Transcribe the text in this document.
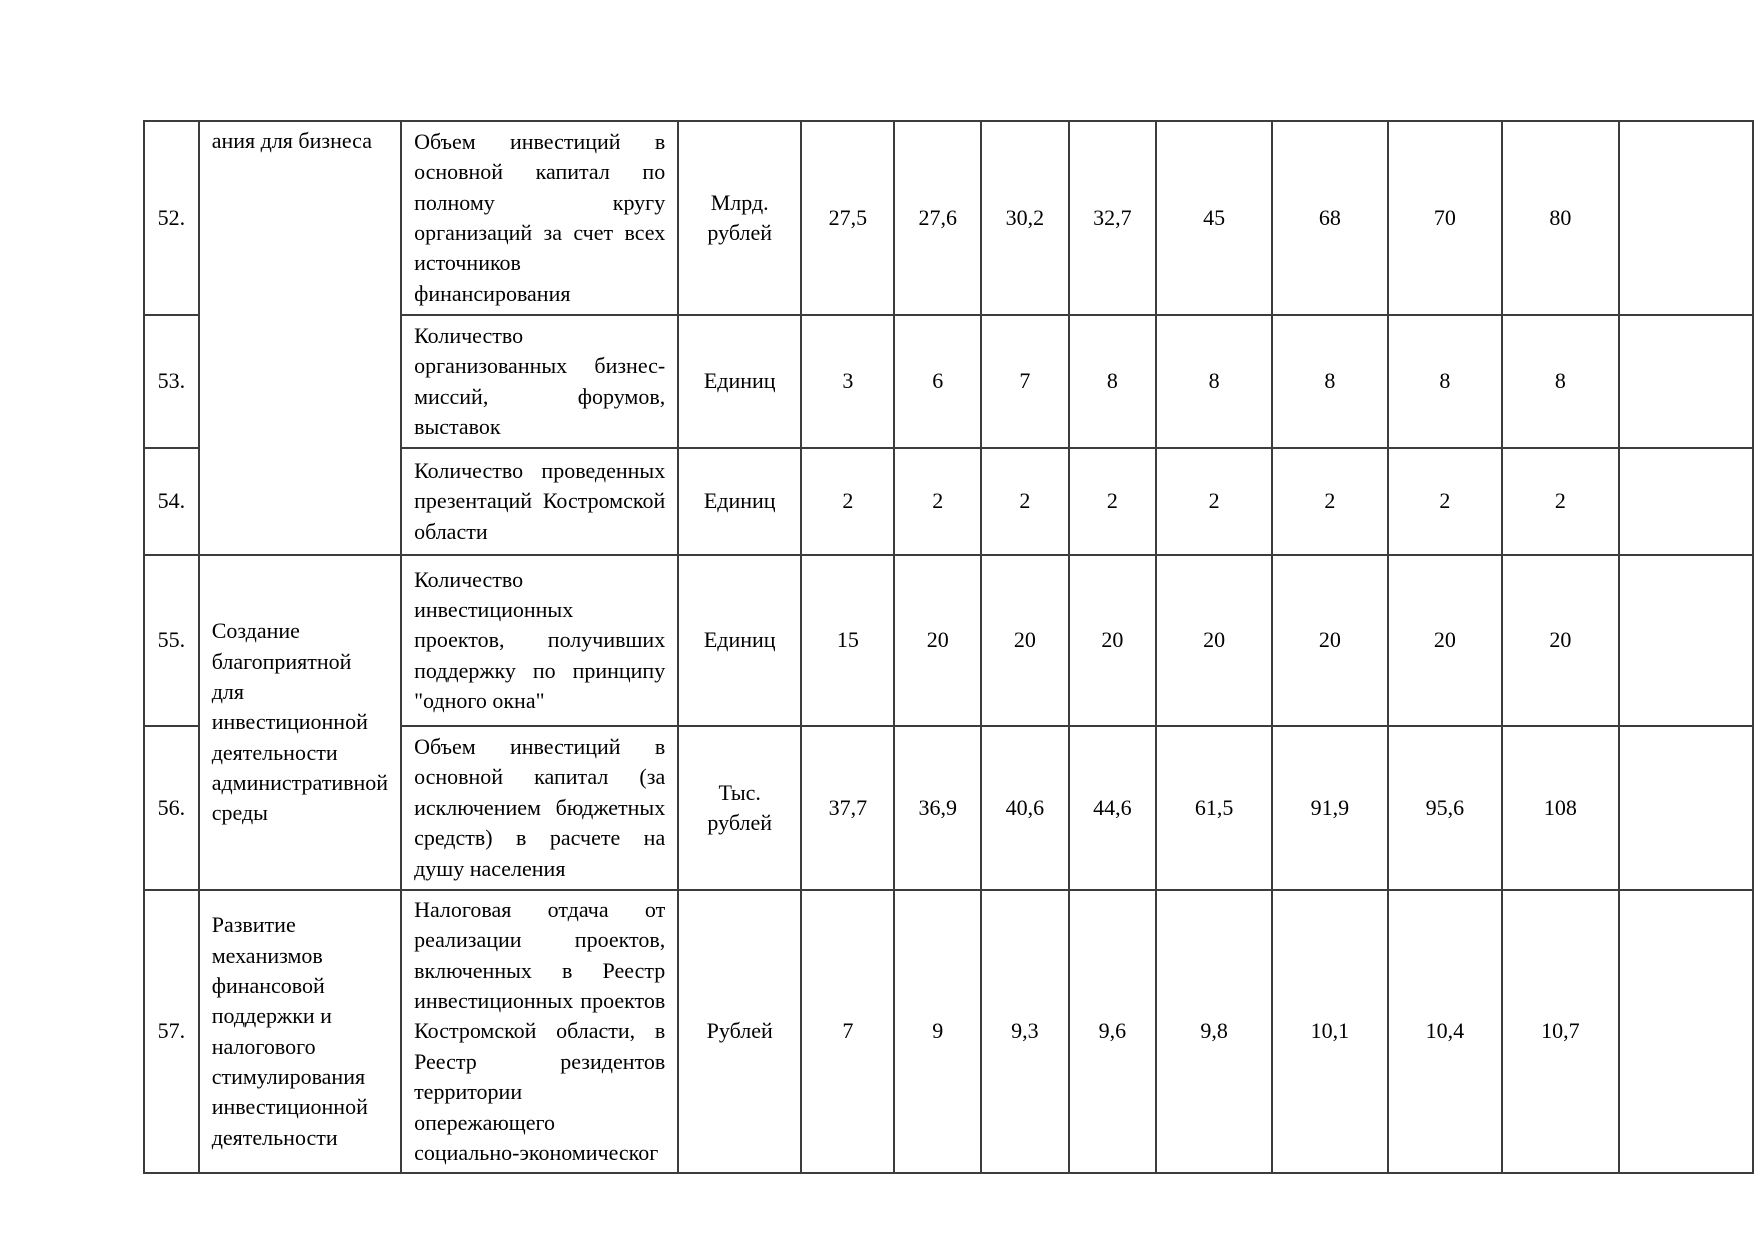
52.	ания для бизнеса	Объем инвестиций в основной капитал по полному кругу организаций за счет всех источников финансирования	Млрд. рублей	27,5	27,6	30,2	32,7	45	68	70	80	
53.		Количество организованных бизнес-миссий, форумов, выставок	Единиц	3	6	7	8	8	8	8	8	
54.		Количество проведенных презентаций Костромской области	Единиц	2	2	2	2	2	2	2	2	
55.	Создание благоприятной для инвестиционной деятельности административной среды	Количество инвестиционных проектов, получивших поддержку по принципу "одного окна"	Единиц	15	20	20	20	20	20	20	20	
56.		Объем инвестиций в основной капитал (за исключением бюджетных средств) в расчете на душу населения	Тыс. рублей	37,7	36,9	40,6	44,6	61,5	91,9	95,6	108	
57.	Развитие механизмов финансовой поддержки и налогового стимулирования инвестиционной деятельности	Налоговая отдача от реализации проектов, включенных в Реестр инвестиционных проектов Костромской области, в Реестр резидентов территории опережающего социально-экономическог	Рублей	7	9	9,3	9,6	9,8	10,1	10,4	10,7	
